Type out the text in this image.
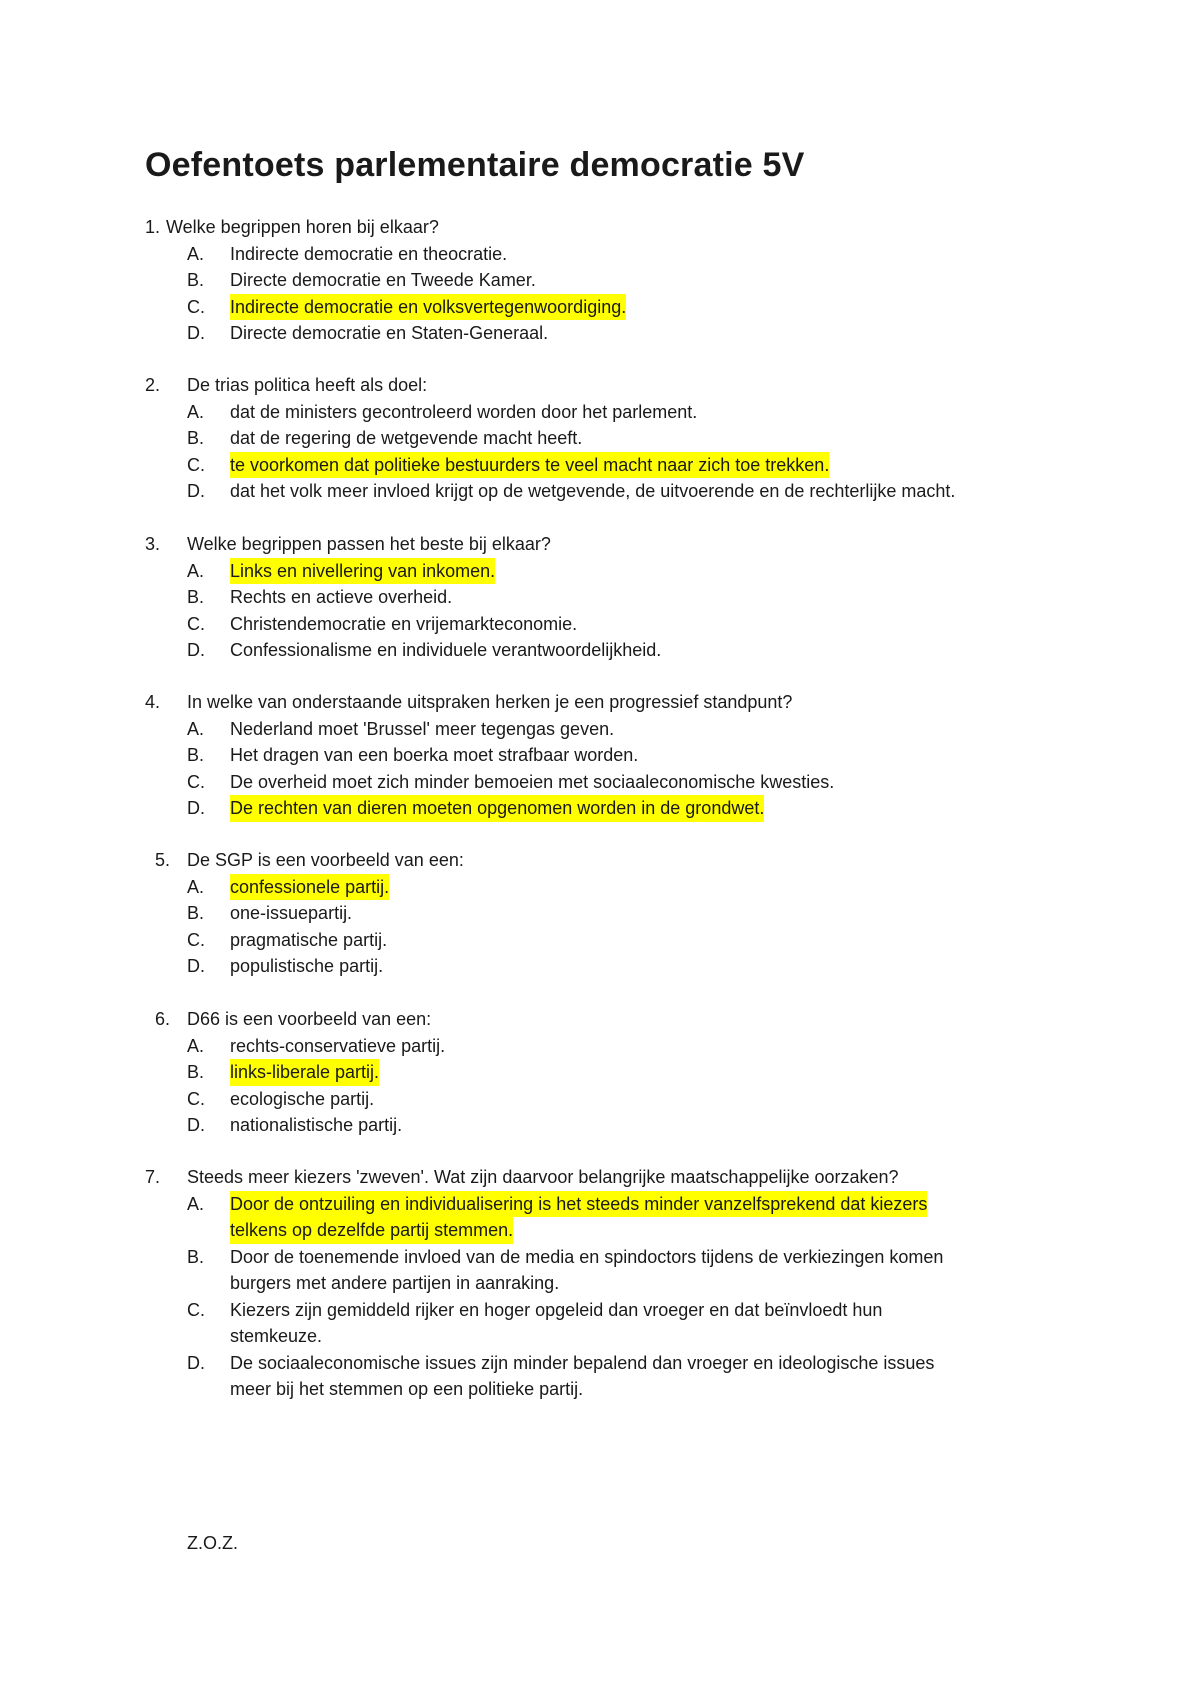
Oefentoets parlementaire democratie 5V
1. Welke begrippen horen bij elkaar?
A. Indirecte democratie en theocratie.
B. Directe democratie en Tweede Kamer.
C. Indirecte democratie en volksvertegenwoordiging.
D. Directe democratie en Staten-Generaal.
2. De trias politica heeft als doel:
A. dat de ministers gecontroleerd worden door het parlement.
B. dat de regering de wetgevende macht heeft.
C. te voorkomen dat politieke bestuurders te veel macht naar zich toe trekken.
D. dat het volk meer invloed krijgt op de wetgevende, de uitvoerende en de rechterlijke macht.
3. Welke begrippen passen het beste bij elkaar?
A. Links en nivellering van inkomen.
B. Rechts en actieve overheid.
C. Christendemocratie en vrijemarkteconomie.
D. Confessionalisme en individuele verantwoordelijkheid.
4. In welke van onderstaande uitspraken herken je een progressief standpunt?
A. Nederland moet 'Brussel' meer tegengas geven.
B. Het dragen van een boerka moet strafbaar worden.
C. De overheid moet zich minder bemoeien met sociaaleconomische kwesties.
D. De rechten van dieren moeten opgenomen worden in de grondwet.
5. De SGP is een voorbeeld van een:
A. confessionele partij.
B. one-issuepartij.
C. pragmatische partij.
D. populistische partij.
6. D66 is een voorbeeld van een:
A. rechts-conservatieve partij.
B. links-liberale partij.
C. ecologische partij.
D. nationalistische partij.
7. Steeds meer kiezers 'zweven'. Wat zijn daarvoor belangrijke maatschappelijke oorzaken?
A. Door de ontzuiling en individualisering is het steeds minder vanzelfsprekend dat kiezers
telkens op dezelfde partij stemmen.
B. Door de toenemende invloed van de media en spindoctors tijdens de verkiezingen komen
burgers met andere partijen in aanraking.
C. Kiezers zijn gemiddeld rijker en hoger opgeleid dan vroeger en dat beïnvloedt hun
stemkeuze.
D. De sociaaleconomische issues zijn minder bepalend dan vroeger en ideologische issues
meer bij het stemmen op een politieke partij.
Z.O.Z.
